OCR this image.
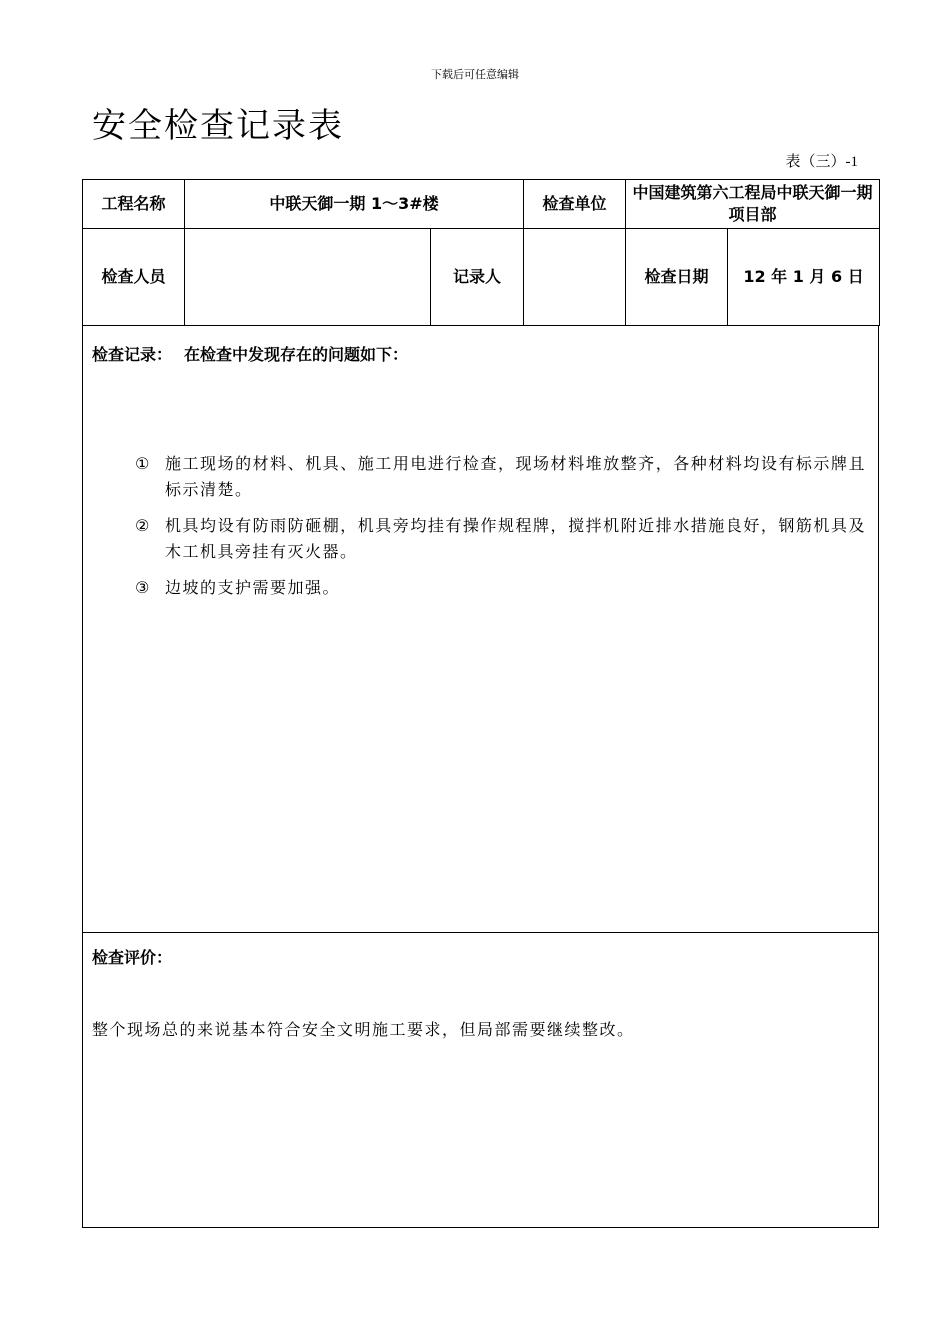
下载后可任意编辑
安全检查记录表
表（三）-1
工程名称	中联天御一期 1～3#楼		检查单位	中国建筑第六工程局中联天御一期项目部	
检查人员		记录人		检查日期	12 年 1 月 6 日
检查记录： 在检查中发现存在的问题如下：
① 施工现场的材料、机具、施工用电进行检查，现场材料堆放整齐，各种材料均设有标示牌且标示清楚。
② 机具均设有防雨防砸棚，机具旁均挂有操作规程牌，搅拌机附近排水措施良好，钢筋机具及木工机具旁挂有灭火器。
③ 边坡的支护需要加强。
检查评价：
整个现场总的来说基本符合安全文明施工要求，但局部需要继续整改。
